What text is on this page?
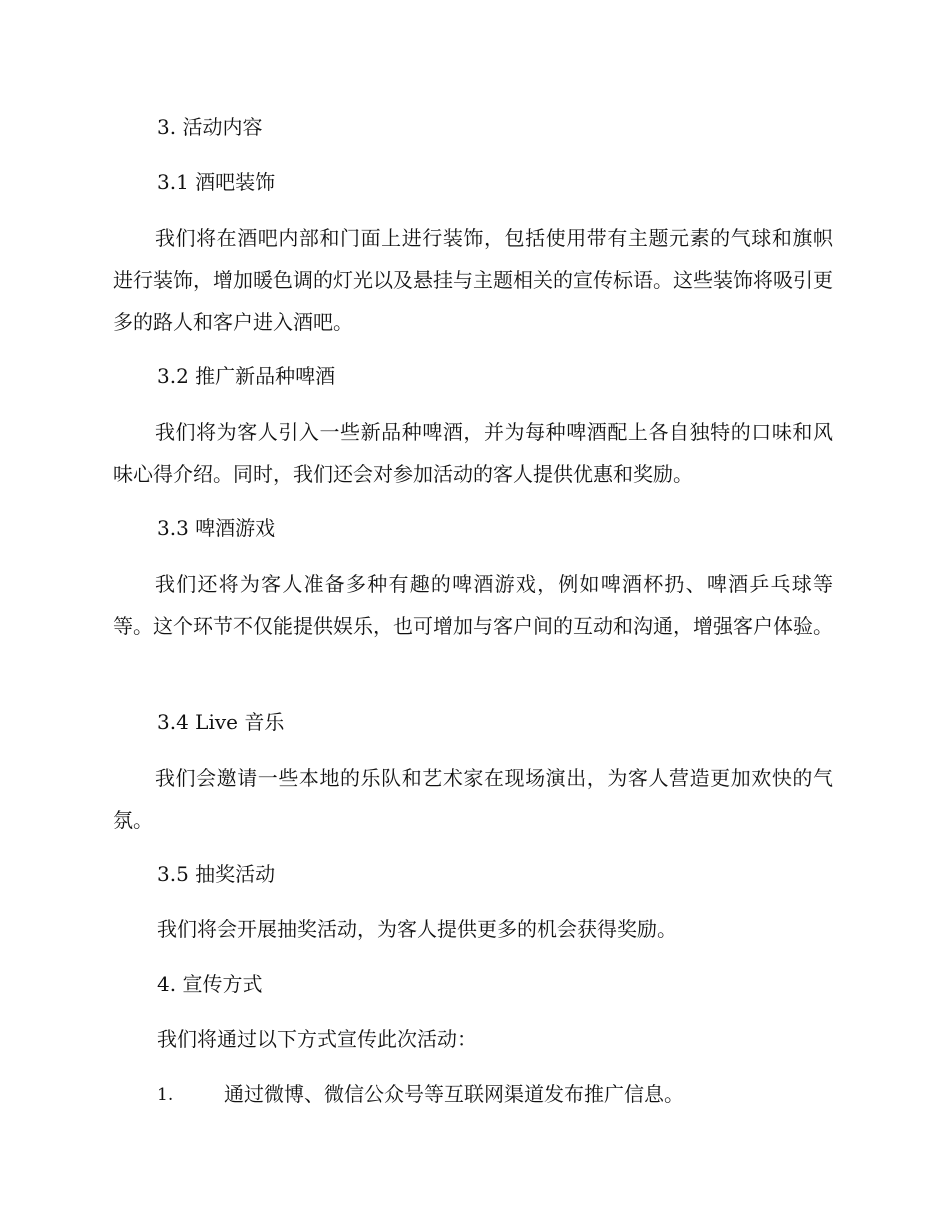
3. 活动内容
3.1 酒吧装饰
我们将在酒吧内部和门面上进行装饰，包括使用带有主题元素的气球和旗帜进行装饰，增加暖色调的灯光以及悬挂与主题相关的宣传标语。这些装饰将吸引更多的路人和客户进入酒吧。
3.2 推广新品种啤酒
我们将为客人引入一些新品种啤酒，并为每种啤酒配上各自独特的口味和风味心得介绍。同时，我们还会对参加活动的客人提供优惠和奖励。
3.3 啤酒游戏
我们还将为客人准备多种有趣的啤酒游戏，例如啤酒杯扔、啤酒乒乓球等等。这个环节不仅能提供娱乐，也可增加与客户间的互动和沟通，增强客户体验。
3.4 Live 音乐
我们会邀请一些本地的乐队和艺术家在现场演出，为客人营造更加欢快的气氛。
3.5 抽奖活动
我们将会开展抽奖活动，为客人提供更多的机会获得奖励。
4. 宣传方式
我们将通过以下方式宣传此次活动：
1.	通过微博、微信公众号等互联网渠道发布推广信息。
